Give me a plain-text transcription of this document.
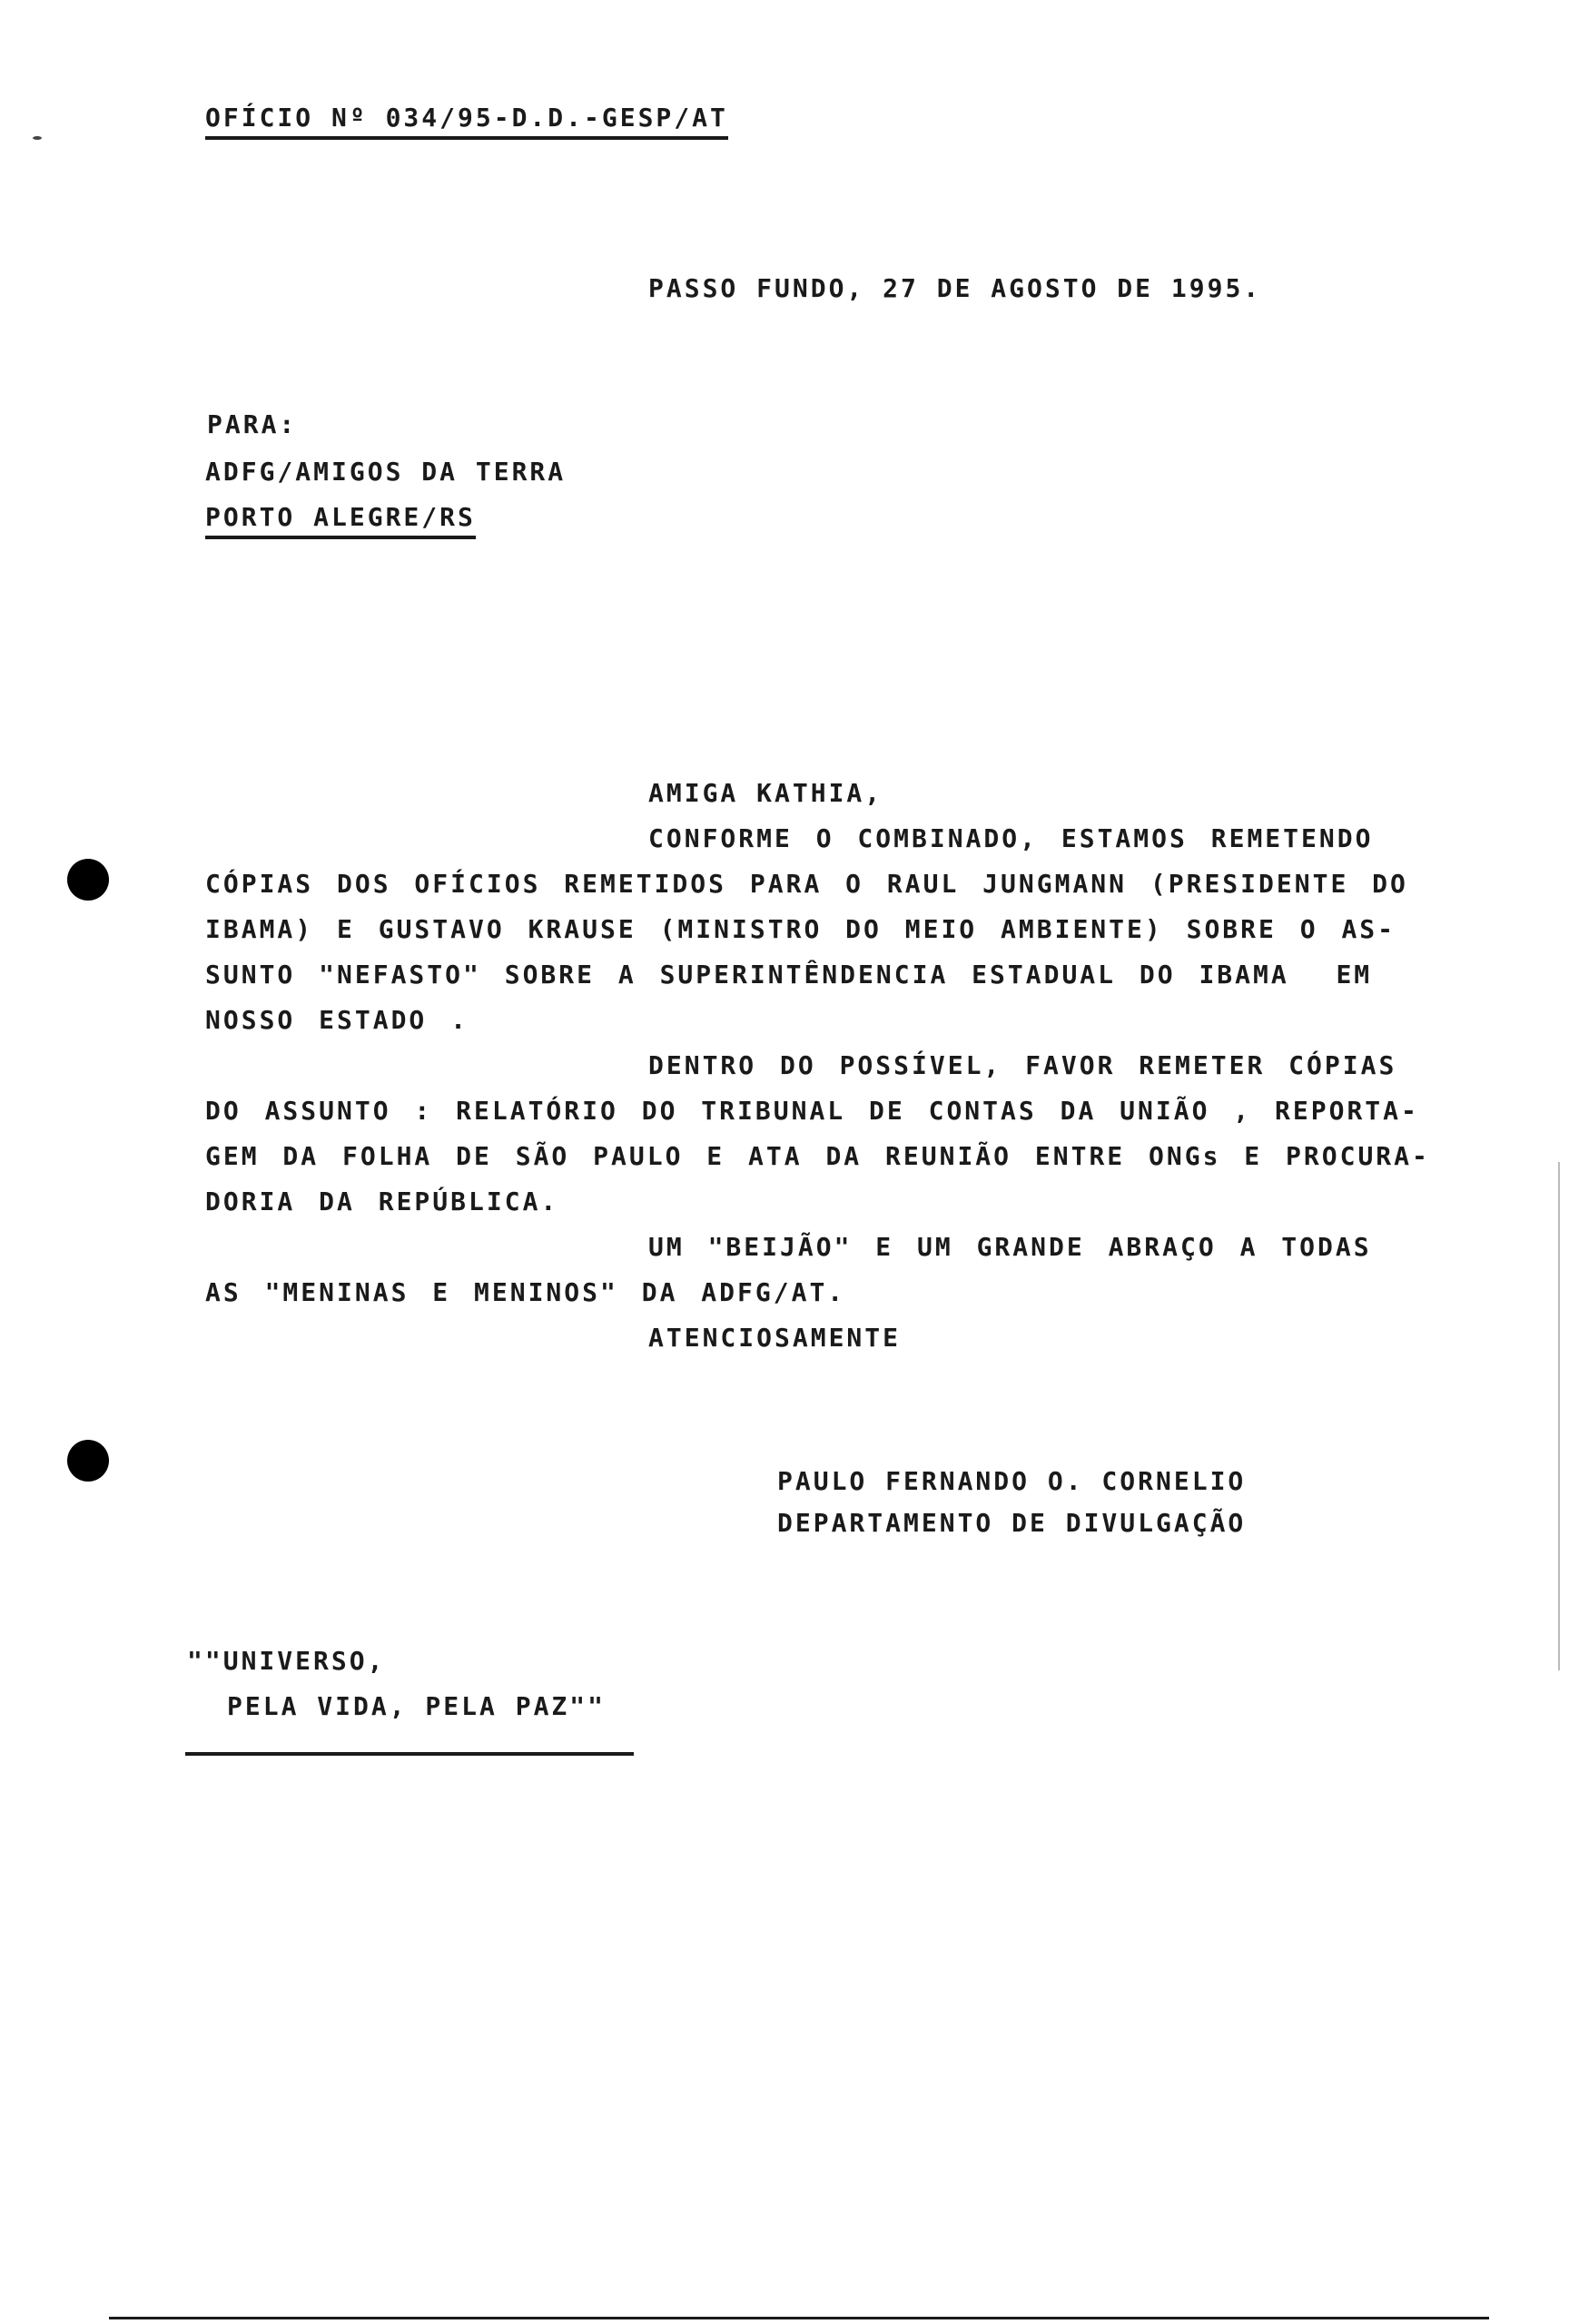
OFÍCIO Nº 034/95-D.D.-GESP/AT
PASSO FUNDO, 27 DE AGOSTO DE 1995.
PARA:
ADFG/AMIGOS DA TERRA
PORTO ALEGRE/RS
AMIGA KATHIA,
CONFORME O COMBINADO, ESTAMOS REMETENDO
CÓPIAS DOS OFÍCIOS REMETIDOS PARA O RAUL JUNGMANN (PRESIDENTE DO
IBAMA) E GUSTAVO KRAUSE (MINISTRO DO MEIO AMBIENTE) SOBRE O AS-
SUNTO "NEFASTO" SOBRE A SUPERINTÊNDENCIA ESTADUAL DO IBAMA  EM
NOSSO ESTADO .
DENTRO DO POSSÍVEL, FAVOR REMETER CÓPIAS
DO ASSUNTO : RELATÓRIO DO TRIBUNAL DE CONTAS DA UNIÃO , REPORTA-
GEM DA FOLHA DE SÃO PAULO E ATA DA REUNIÃO ENTRE ONGs E PROCURA-
DORIA DA REPÚBLICA.
UM "BEIJÃO" E UM GRANDE ABRAÇO A TODAS
AS "MENINAS E MENINOS" DA ADFG/AT.
ATENCIOSAMENTE
PAULO FERNANDO O. CORNELIO
DEPARTAMENTO DE DIVULGAÇÃO
""UNIVERSO,
PELA VIDA, PELA PAZ""
